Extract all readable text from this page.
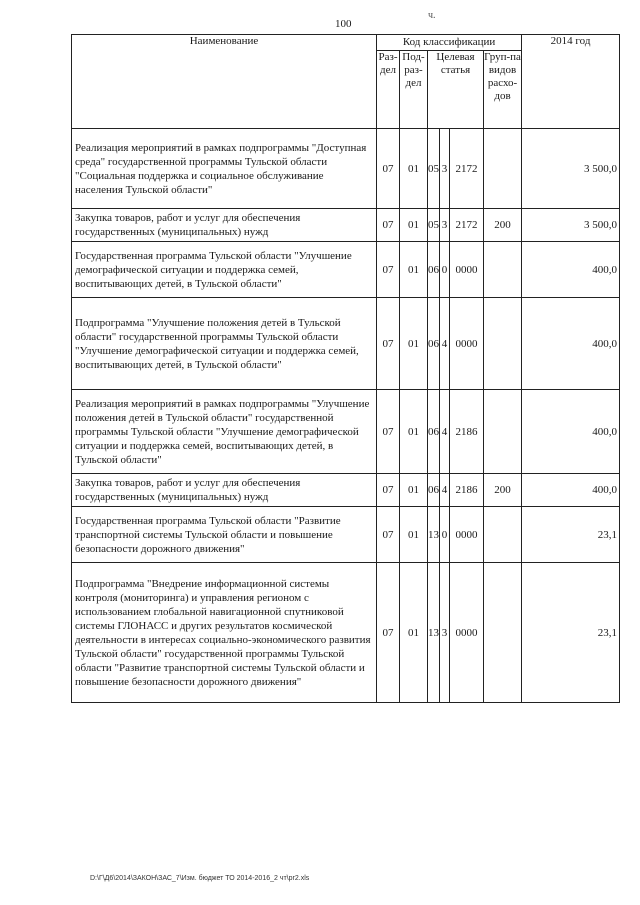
100
ч.
Наименование	Код классификации						2014 год
	Раз-дел	Под-раз-дел	Целевая статья			Груп-па видов расхо-дов	
Реализация мероприятий в рамках подпрограммы "Доступная среда" государственной программы Тульской области "Социальная поддержка и социальное обслуживание населения Тульской области"	07	01	05	3	2172		3 500,0
Закупка товаров, работ и услуг для обеспечения государственных (муниципальных) нужд	07	01	05	3	2172	200	3 500,0
Государственная программа Тульской области "Улучшение демографической ситуации и поддержка семей, воспитывающих детей, в Тульской области"	07	01	06	0	0000		400,0
Подпрограмма "Улучшение положения детей в Тульской области" государственной программы Тульской области "Улучшение демографической ситуации и поддержка семей, воспитывающих детей, в Тульской области"	07	01	06	4	0000		400,0
Реализация мероприятий в рамках подпрограммы "Улучшение положения детей в Тульской области" государственной программы Тульской области "Улучшение демографической ситуации и поддержка семей, воспитывающих детей, в Тульской области"	07	01	06	4	2186		400,0
Закупка товаров, работ и услуг для обеспечения государственных (муниципальных) нужд	07	01	06	4	2186	200	400,0
Государственная программа Тульской области "Развитие транспортной системы Тульской области и повышение безопасности дорожного движения"	07	01	13	0	0000		23,1
Подпрограмма "Внедрение информационной системы контроля (мониторинга) и управления регионом с использованием глобальной навигационной спутниковой системы ГЛОНАСС и других результатов космической деятельности в интересах социально-экономического развития Тульской области" государственной программы Тульской области "Развитие транспортной системы Тульской области и повышение безопасности дорожного движения"	07	01	13	3	0000		23,1
D:\Г\Д6\2014\ЗАКОН\ЗАС_7\Изм. бюджет ТО 2014-2016_2 чт\pr2.xls
